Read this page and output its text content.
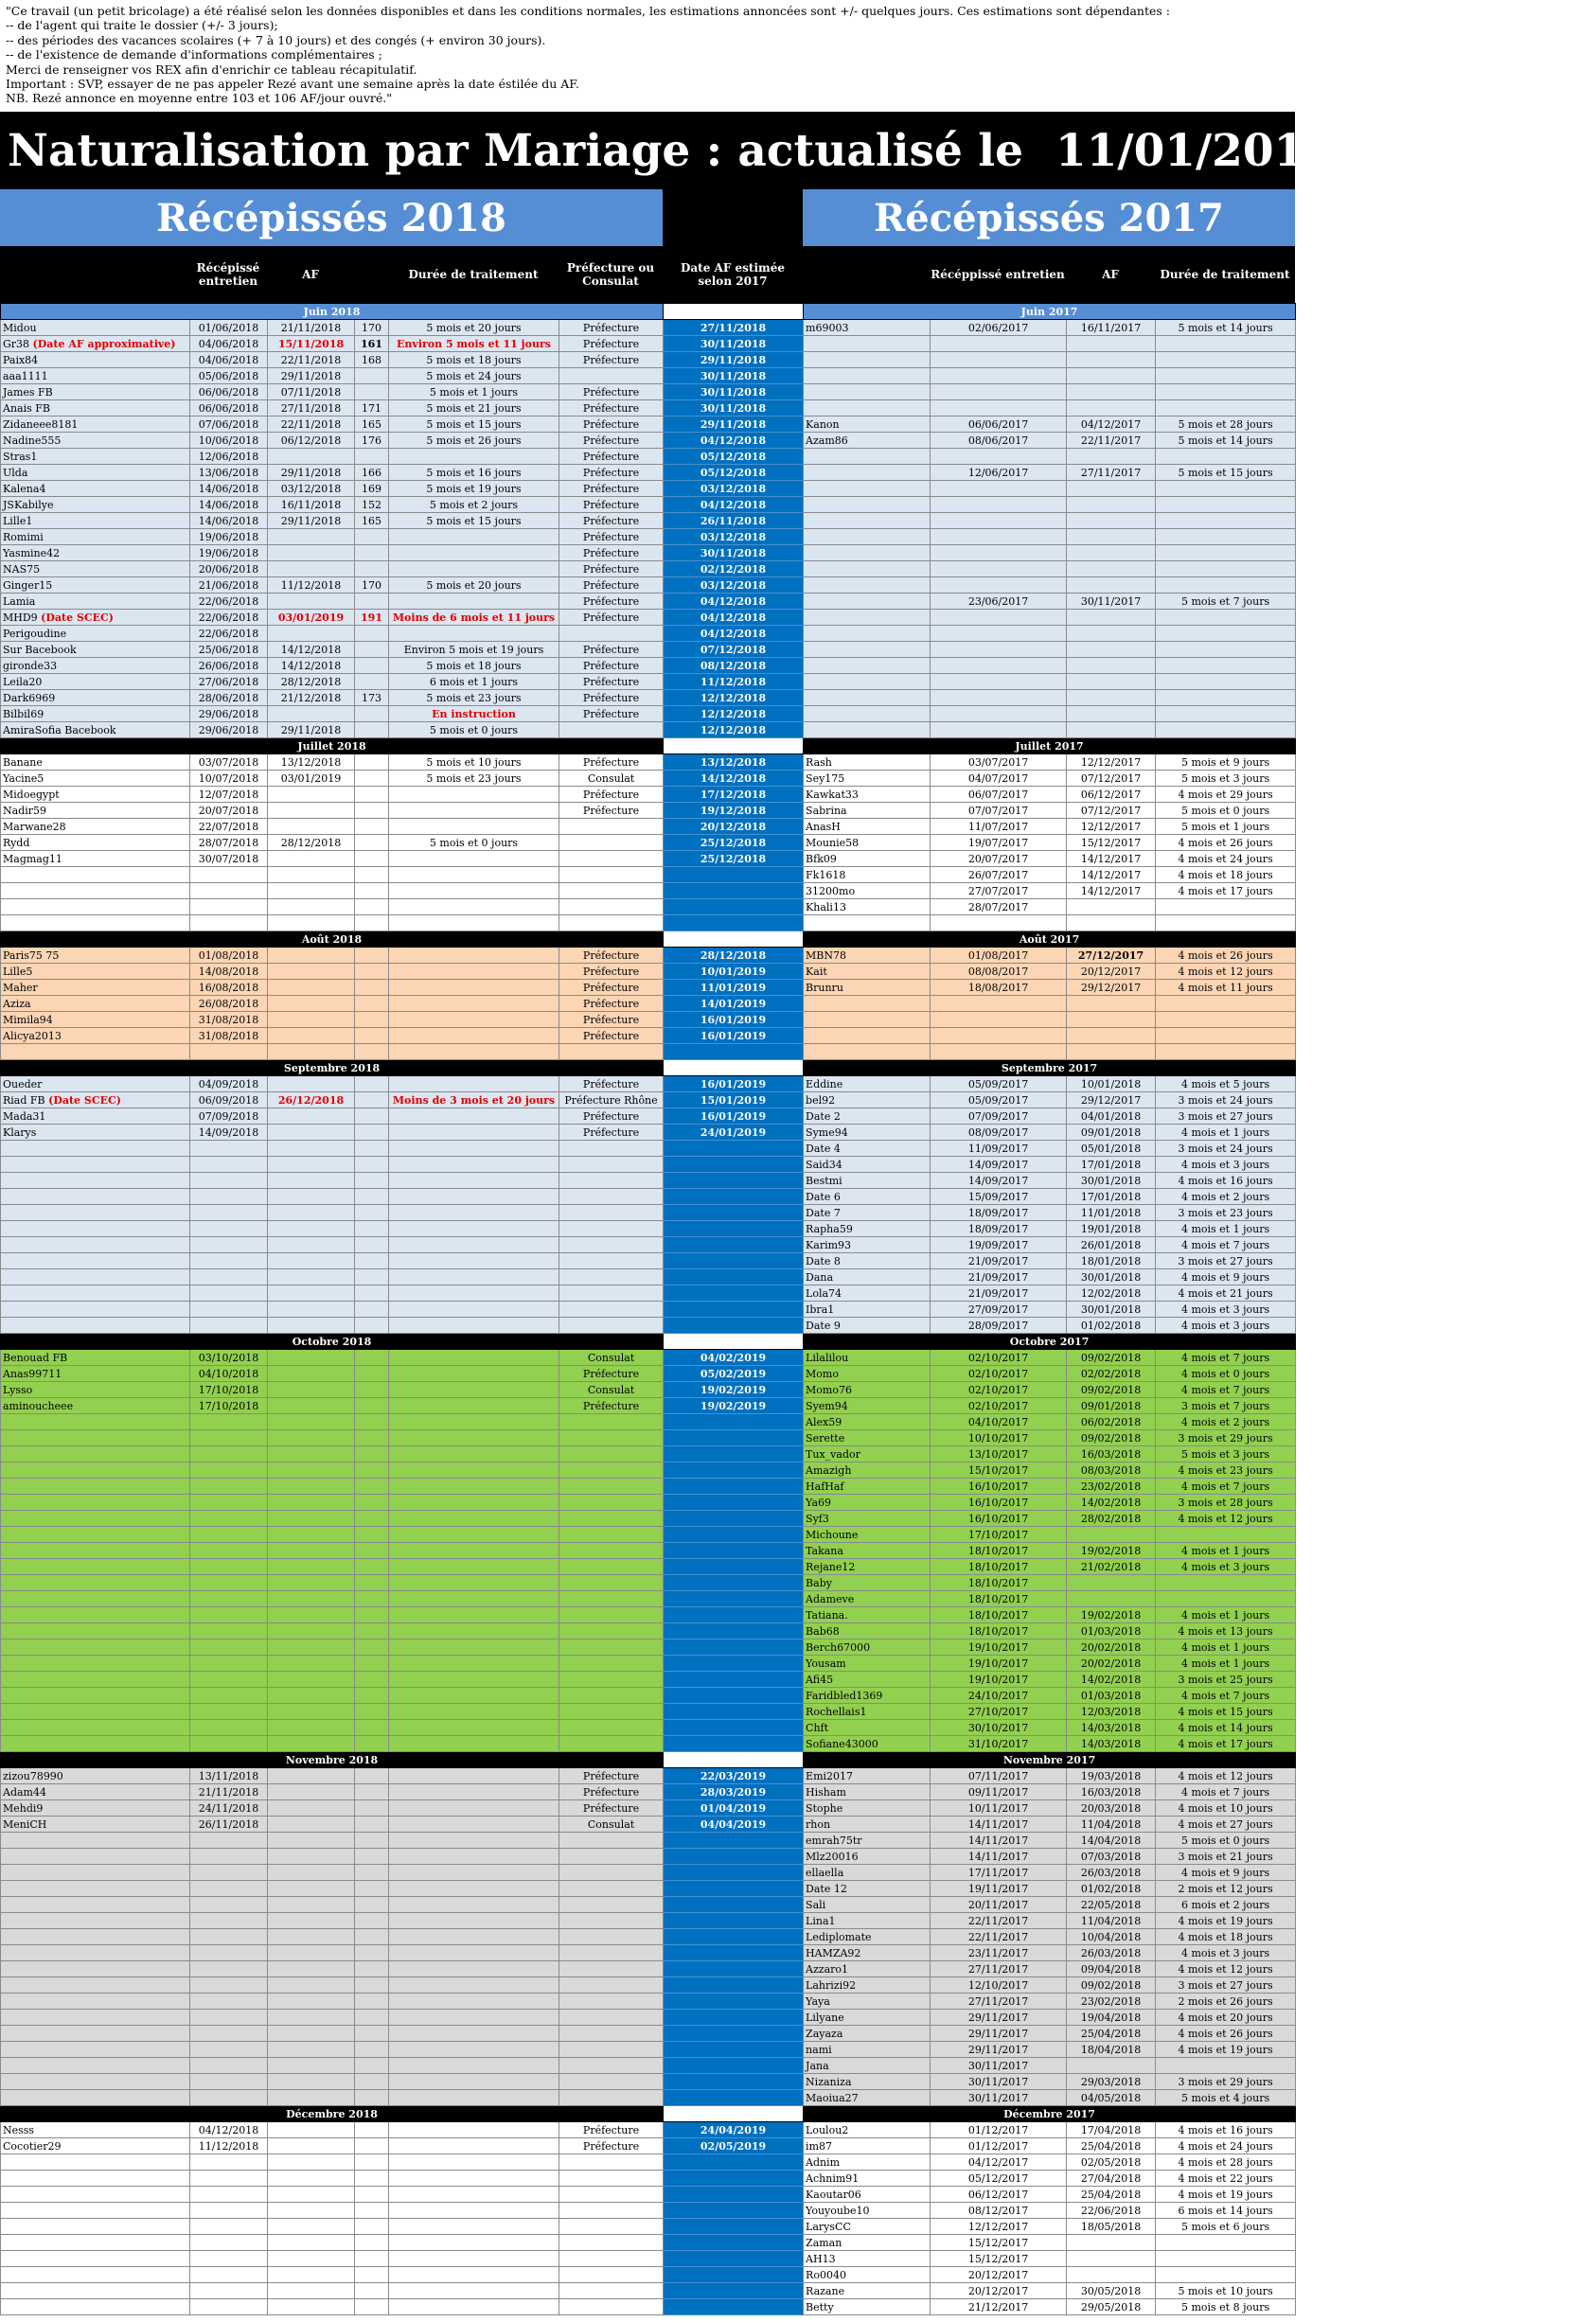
"Ce travail (un petit bricolage) a été réalisé selon les données disponibles et dans les conditions normales, les estimations annoncées sont +/- quelques jours. Ces estimations sont dépendantes :
-- de l'agent qui traite le dossier (+/- 3 jours);
-- des périodes des vacances scolaires (+ 7 à 10 jours) et des congés (+ environ 30 jours).
-- de l'existence de demande d'informations complémentaires ;
Merci de renseigner vos REX afin d'enrichir ce tableau récapitulatif.
Important : SVP, essayer de ne pas appeler Rezé avant une semaine après la date éstilée du AF.
NB. Rezé annonce en moyenne entre 103 et 106 AF/jour ouvré."
Naturalisation par Mariage : actualisé le 11/01/2019 11:06:14
Récépissés 2018	Récépissés 2017
Récépissé entretien	AF	Durée de traitement	Préfecture ou Consulat
Date AF estimée selon 2017	Récéppissé entretien	AF	Durée de traitement
Juin 2018							Juin 2017			
Midou	01/06/2018	21/11/2018	170	5 mois et 20 jours	Préfecture	27/11/2018	m69003	02/06/2017	16/11/2017	5 mois et 14 jours
Gr38 (Date AF approximative)	04/06/2018	15/11/2018	161	Environ 5 mois et 11 jours	Préfecture	30/11/2018				
Paix84	04/06/2018	22/11/2018	168	5 mois et 18 jours	Préfecture	29/11/2018				
aaa1111	05/06/2018	29/11/2018		5 mois et 24 jours		30/11/2018				
James FB	06/06/2018	07/11/2018		5 mois et 1 jours	Préfecture	30/11/2018				
Anais FB	06/06/2018	27/11/2018	171	5 mois et 21 jours	Préfecture	30/11/2018				
Zidaneee8181	07/06/2018	22/11/2018	165	5 mois et 15 jours	Préfecture	29/11/2018	Kanon	06/06/2017	04/12/2017	5 mois et 28 jours
Nadine555	10/06/2018	06/12/2018	176	5 mois et 26 jours	Préfecture	04/12/2018	Azam86	08/06/2017	22/11/2017	5 mois et 14 jours
Stras1	12/06/2018				Préfecture	05/12/2018				
Ulda	13/06/2018	29/11/2018	166	5 mois et 16 jours	Préfecture	05/12/2018		12/06/2017	27/11/2017	5 mois et 15 jours
Kalena4	14/06/2018	03/12/2018	169	5 mois et 19 jours	Préfecture	03/12/2018				
JSKabilye	14/06/2018	16/11/2018	152	5 mois et 2 jours	Préfecture	04/12/2018				
Lille1	14/06/2018	29/11/2018	165	5 mois et 15 jours	Préfecture	26/11/2018				
Romimi	19/06/2018				Préfecture	03/12/2018				
Yasmine42	19/06/2018				Préfecture	30/11/2018				
NAS75	20/06/2018				Préfecture	02/12/2018				
Ginger15	21/06/2018	11/12/2018	170	5 mois et 20 jours	Préfecture	03/12/2018				
Lamia	22/06/2018				Préfecture	04/12/2018		23/06/2017	30/11/2017	5 mois et 7 jours
MHD9 (Date SCEC)	22/06/2018	03/01/2019	191	Moins de 6 mois et 11 jours	Préfecture	04/12/2018				
Perigoudine	22/06/2018					04/12/2018				
Sur Bacebook	25/06/2018	14/12/2018		Environ 5 mois et 19 jours	Préfecture	07/12/2018				
gironde33	26/06/2018	14/12/2018		5 mois et 18 jours	Préfecture	08/12/2018				
Leila20	27/06/2018	28/12/2018		6 mois et 1 jours	Préfecture	11/12/2018				
Dark6969	28/06/2018	21/12/2018	173	5 mois et 23 jours	Préfecture	12/12/2018				
Bilbil69	29/06/2018			En instruction	Préfecture	12/12/2018				
AmiraSofia Bacebook	29/06/2018	29/11/2018		5 mois et 0 jours		12/12/2018				
Juillet 2018							Juillet 2017			
Banane	03/07/2018	13/12/2018		5 mois et 10 jours	Préfecture	13/12/2018	Rash	03/07/2017	12/12/2017	5 mois et 9 jours
Yacine5	10/07/2018	03/01/2019		5 mois et 23 jours	Consulat	14/12/2018	Sey175	04/07/2017	07/12/2017	5 mois et 3 jours
Midoegypt	12/07/2018				Préfecture	17/12/2018	Kawkat33	06/07/2017	06/12/2017	4 mois et 29 jours
Nadir59	20/07/2018				Préfecture	19/12/2018	Sabrina	07/07/2017	07/12/2017	5 mois et 0 jours
Marwane28	22/07/2018					20/12/2018	AnasH	11/07/2017	12/12/2017	5 mois et 1 jours
Rydd	28/07/2018	28/12/2018		5 mois et 0 jours		25/12/2018	Mounie58	19/07/2017	15/12/2017	4 mois et 26 jours
Magmag11	30/07/2018					25/12/2018	Bfk09	20/07/2017	14/12/2017	4 mois et 24 jours
							Fk1618	26/07/2017	14/12/2017	4 mois et 18 jours
							31200mo	27/07/2017	14/12/2017	4 mois et 17 jours
							Khali13	28/07/2017		

Août 2018							Août 2017			
Paris75 75	01/08/2018				Préfecture	28/12/2018	MBN78	01/08/2017	27/12/2017	4 mois et 26 jours
Lille5	14/08/2018				Préfecture	10/01/2019	Kait	08/08/2017	20/12/2017	4 mois et 12 jours
Maher	16/08/2018				Préfecture	11/01/2019	Brunru	18/08/2017	29/12/2017	4 mois et 11 jours
Aziza	26/08/2018				Préfecture	14/01/2019				
Mimila94	31/08/2018				Préfecture	16/01/2019				
Alicya2013	31/08/2018				Préfecture	16/01/2019				

Septembre 2018							Septembre 2017			
Oueder	04/09/2018				Préfecture	16/01/2019	Eddine	05/09/2017	10/01/2018	4 mois et 5 jours
Riad FB (Date SCEC)	06/09/2018	26/12/2018		Moins de 3 mois et 20 jours	Préfecture Rhône	15/01/2019	bel92	05/09/2017	29/12/2017	3 mois et 24 jours
Mada31	07/09/2018				Préfecture	16/01/2019	Date 2	07/09/2017	04/01/2018	3 mois et 27 jours
Klarys	14/09/2018				Préfecture	24/01/2019	Syme94	08/09/2017	09/01/2018	4 mois et 1 jours
							Date 4	11/09/2017	05/01/2018	3 mois et 24 jours
							Said34	14/09/2017	17/01/2018	4 mois et 3 jours
							Bestmi	14/09/2017	30/01/2018	4 mois et 16 jours
							Date 6	15/09/2017	17/01/2018	4 mois et 2 jours
							Date 7	18/09/2017	11/01/2018	3 mois et 23 jours
							Rapha59	18/09/2017	19/01/2018	4 mois et 1 jours
							Karim93	19/09/2017	26/01/2018	4 mois et 7 jours
							Date 8	21/09/2017	18/01/2018	3 mois et 27 jours
							Dana	21/09/2017	30/01/2018	4 mois et 9 jours
							Lola74	21/09/2017	12/02/2018	4 mois et 21 jours
							Ibra1	27/09/2017	30/01/2018	4 mois et 3 jours
							Date 9	28/09/2017	01/02/2018	4 mois et 3 jours
Octobre 2018							Octobre 2017			
Benouad FB	03/10/2018				Consulat	04/02/2019	Lilalilou	02/10/2017	09/02/2018	4 mois et 7 jours
Anas99711	04/10/2018				Préfecture	05/02/2019	Momo	02/10/2017	02/02/2018	4 mois et 0 jours
Lysso	17/10/2018				Consulat	19/02/2019	Momo76	02/10/2017	09/02/2018	4 mois et 7 jours
aminoucheee	17/10/2018				Préfecture	19/02/2019	Syem94	02/10/2017	09/01/2018	3 mois et 7 jours
							Alex59	04/10/2017	06/02/2018	4 mois et 2 jours
							Serette	10/10/2017	09/02/2018	3 mois et 29 jours
							Tux_vador	13/10/2017	16/03/2018	5 mois et 3 jours
							Amazigh	15/10/2017	08/03/2018	4 mois et 23 jours
							HafHaf	16/10/2017	23/02/2018	4 mois et 7 jours
							Ya69	16/10/2017	14/02/2018	3 mois et 28 jours
							Syf3	16/10/2017	28/02/2018	4 mois et 12 jours
							Michoune	17/10/2017		
							Takana	18/10/2017	19/02/2018	4 mois et 1 jours
							Rejane12	18/10/2017	21/02/2018	4 mois et 3 jours
							Baby	18/10/2017		
							Adameve	18/10/2017		
							Tatiana.	18/10/2017	19/02/2018	4 mois et 1 jours
							Bab68	18/10/2017	01/03/2018	4 mois et 13 jours
							Berch67000	19/10/2017	20/02/2018	4 mois et 1 jours
							Yousam	19/10/2017	20/02/2018	4 mois et 1 jours
							Afi45	19/10/2017	14/02/2018	3 mois et 25 jours
							Faridbled1369	24/10/2017	01/03/2018	4 mois et 7 jours
							Rochellais1	27/10/2017	12/03/2018	4 mois et 15 jours
							Chft	30/10/2017	14/03/2018	4 mois et 14 jours
							Sofiane43000	31/10/2017	14/03/2018	4 mois et 17 jours
Novembre 2018							Novembre 2017			
zizou78990	13/11/2018				Préfecture	22/03/2019	Emi2017	07/11/2017	19/03/2018	4 mois et 12 jours
Adam44	21/11/2018				Préfecture	28/03/2019	Hisham	09/11/2017	16/03/2018	4 mois et 7 jours
Mehdi9	24/11/2018				Préfecture	01/04/2019	Stophe	10/11/2017	20/03/2018	4 mois et 10 jours
MeniCH	26/11/2018				Consulat	04/04/2019	rhon	14/11/2017	11/04/2018	4 mois et 27 jours
							emrah75tr	14/11/2017	14/04/2018	5 mois et 0 jours
							Mlz20016	14/11/2017	07/03/2018	3 mois et 21 jours
							ellaella	17/11/2017	26/03/2018	4 mois et 9 jours
							Date 12	19/11/2017	01/02/2018	2 mois et 12 jours
							Sali	20/11/2017	22/05/2018	6 mois et 2 jours
							Lina1	22/11/2017	11/04/2018	4 mois et 19 jours
							Lediplomate	22/11/2017	10/04/2018	4 mois et 18 jours
							HAMZA92	23/11/2017	26/03/2018	4 mois et 3 jours
							Azzaro1	27/11/2017	09/04/2018	4 mois et 12 jours
							Lahrizi92	12/10/2017	09/02/2018	3 mois et 27 jours
							Yaya	27/11/2017	23/02/2018	2 mois et 26 jours
							Lilyane	29/11/2017	19/04/2018	4 mois et 20 jours
							Zayaza	29/11/2017	25/04/2018	4 mois et 26 jours
							nami	29/11/2017	18/04/2018	4 mois et 19 jours
							Jana	30/11/2017		
							Nizaniza	30/11/2017	29/03/2018	3 mois et 29 jours
							Maoiua27	30/11/2017	04/05/2018	5 mois et 4 jours
Décembre 2018							Décembre 2017			
Nesss	04/12/2018				Préfecture	24/04/2019	Loulou2	01/12/2017	17/04/2018	4 mois et 16 jours
Cocotier29	11/12/2018				Préfecture	02/05/2019	im87	01/12/2017	25/04/2018	4 mois et 24 jours
							Adnim	04/12/2017	02/05/2018	4 mois et 28 jours
							Achnim91	05/12/2017	27/04/2018	4 mois et 22 jours
							Kaoutar06	06/12/2017	25/04/2018	4 mois et 19 jours
							Youyoube10	08/12/2017	22/06/2018	6 mois et 14 jours
							LarysCC	12/12/2017	18/05/2018	5 mois et 6 jours
							Zaman	15/12/2017		
							AH13	15/12/2017		
							Ro0040	20/12/2017		
							Razane	20/12/2017	30/05/2018	5 mois et 10 jours
							Betty	21/12/2017	29/05/2018	5 mois et 8 jours
